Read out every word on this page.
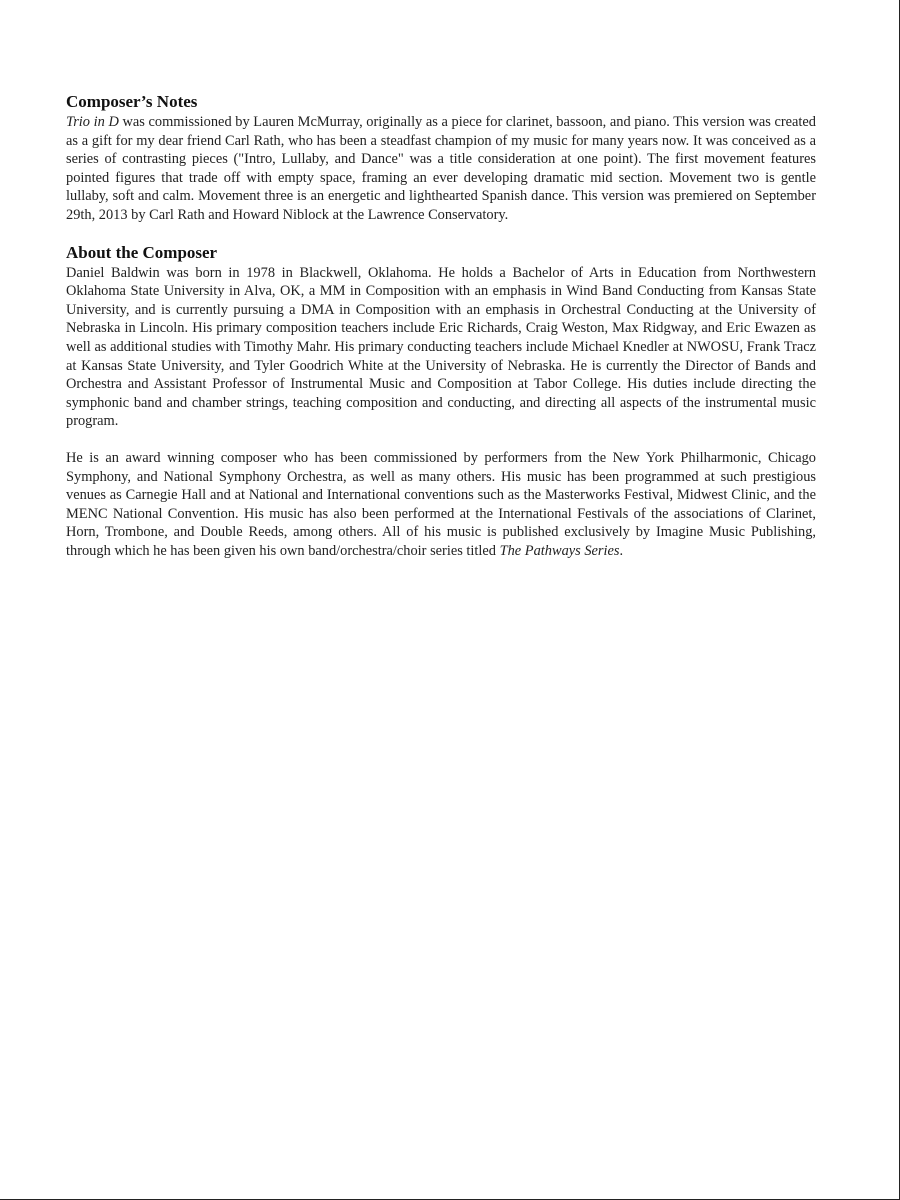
Composer’s Notes

Trio in D was commissioned by Lauren McMurray, originally as a piece for clarinet, bassoon, and piano. This version was created as a gift for my dear friend Carl Rath, who has been a steadfast champion of my music for many years now. It was conceived as a series of contrasting pieces ("Intro, Lullaby, and Dance" was a title consideration at one point). The first movement features pointed figures that trade off with empty space, framing an ever developing dramatic mid section. Movement two is gentle lullaby, soft and calm. Movement three is an energetic and lighthearted Spanish dance. This version was premiered on September 29th, 2013 by Carl Rath and Howard Niblock at the Lawrence Conservatory.

About the Composer

Daniel Baldwin was born in 1978 in Blackwell, Oklahoma. He holds a Bachelor of Arts in Education from Northwestern Oklahoma State University in Alva, OK, a MM in Composition with an emphasis in Wind Band Conducting from Kansas State University, and is currently pursuing a DMA in Composition with an emphasis in Orchestral Conducting at the University of Nebraska in Lincoln. His primary composition teachers include Eric Richards, Craig Weston, Max Ridgway, and Eric Ewazen as well as additional studies with Timothy Mahr. His primary conducting teachers include Michael Knedler at NWOSU, Frank Tracz at Kansas State University, and Tyler Goodrich White at the University of Nebraska. He is currently the Director of Bands and Orchestra and Assistant Professor of Instrumental Music and Composition at Tabor College. His duties include directing the symphonic band and chamber strings, teaching composition and conducting, and directing all aspects of the instrumental music program.

He is an award winning composer who has been commissioned by performers from the New York Philharmonic, Chicago Symphony, and National Symphony Orchestra, as well as many others. His music has been programmed at such prestigious venues as Carnegie Hall and at National and International conventions such as the Masterworks Festival, Midwest Clinic, and the MENC National Convention. His music has also been performed at the International Festivals of the associations of Clarinet, Horn, Trombone, and Double Reeds, among others. All of his music is published exclusively by Imagine Music Publishing, through which he has been given his own band/orchestra/choir series titled The Pathways Series.
